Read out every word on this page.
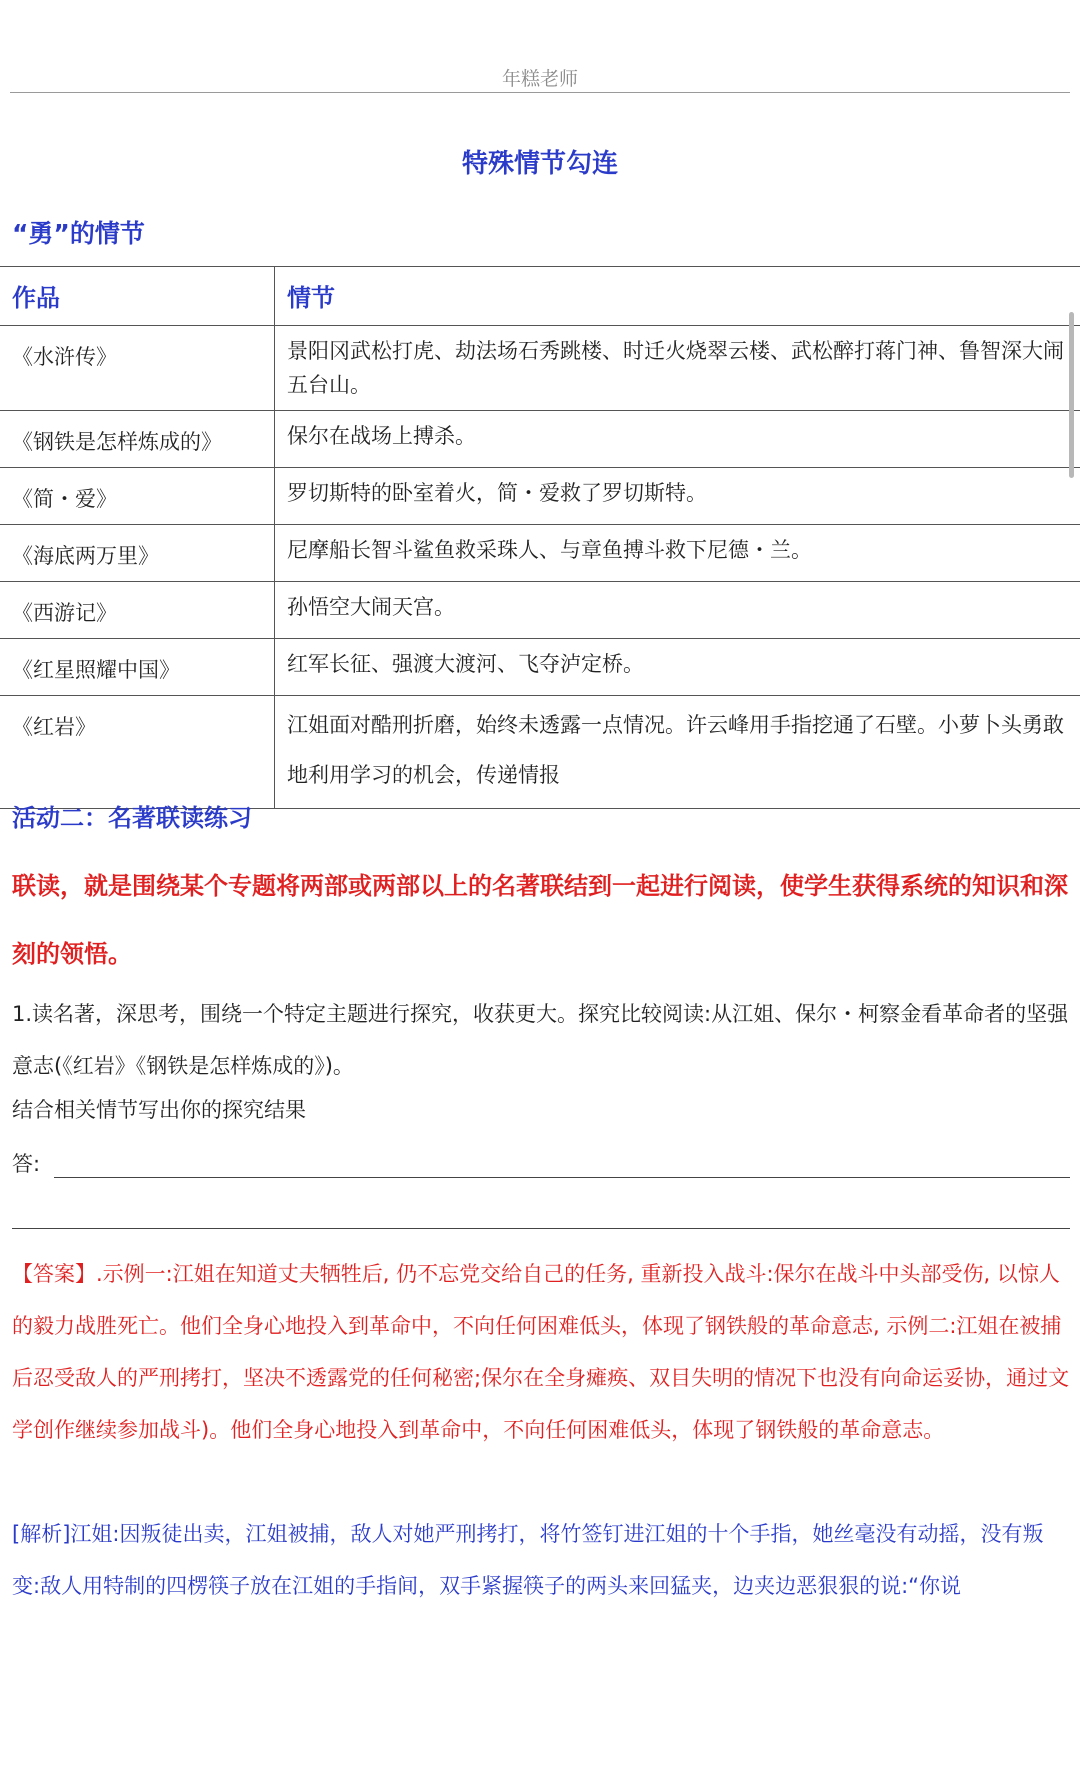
年糕老师
特殊情节勾连
“勇”的情节
作品	情节
《水浒传》	景阳冈武松打虎、劫法场石秀跳楼、时迁火烧翠云楼、武松醉打蒋门神、鲁智深大闹五台山。
《钢铁是怎样炼成的》	保尔在战场上搏杀。
《简・爱》	罗切斯特的卧室着火，简・爱救了罗切斯特。
《海底两万里》	尼摩船长智斗鲨鱼救采珠人、与章鱼搏斗救下尼德・兰。
《西游记》	孙悟空大闹天宫。
《红星照耀中国》	红军长征、强渡大渡河、飞夺泸定桥。
《红岩》	江姐面对酷刑折磨，始终未透露一点情况。许云峰用手指挖通了石壁。小萝卜头勇敢地利用学习的机会，传递情报
活动二：名著联读练习
联读，就是围绕某个专题将两部或两部以上的名著联结到一起进行阅读，使学生获得系统的知识和深刻的领悟。
1.读名著，深思考，围绕一个特定主题进行探究，收获更大。探究比较阅读:从江姐、保尔・柯察金看革命者的坚强意志(《红岩》《钢铁是怎样炼成的》)。
结合相关情节写出你的探究结果
答:
【答案】.示例一:江姐在知道丈夫牺牲后, 仍不忘党交给自己的任务, 重新投入战斗:保尔在战斗中头部受伤, 以惊人的毅力战胜死亡。他们全身心地投入到革命中，不向任何困难低头，体现了钢铁般的革命意志, 示例二:江姐在被捕后忍受敌人的严刑拷打，坚决不透露党的任何秘密;保尔在全身瘫痪、双目失明的情况下也没有向命运妥协，通过文学创作继续参加战斗)。他们全身心地投入到革命中，不向任何困难低头，体现了钢铁般的革命意志。
[解析]江姐:因叛徒出卖，江姐被捕，敌人对她严刑拷打，将竹签钉进江姐的十个手指，她丝毫没有动摇，没有叛变:敌人用特制的四楞筷子放在江姐的手指间，双手紧握筷子的两头来回猛夹，边夹边恶狠狠的说:“你说
